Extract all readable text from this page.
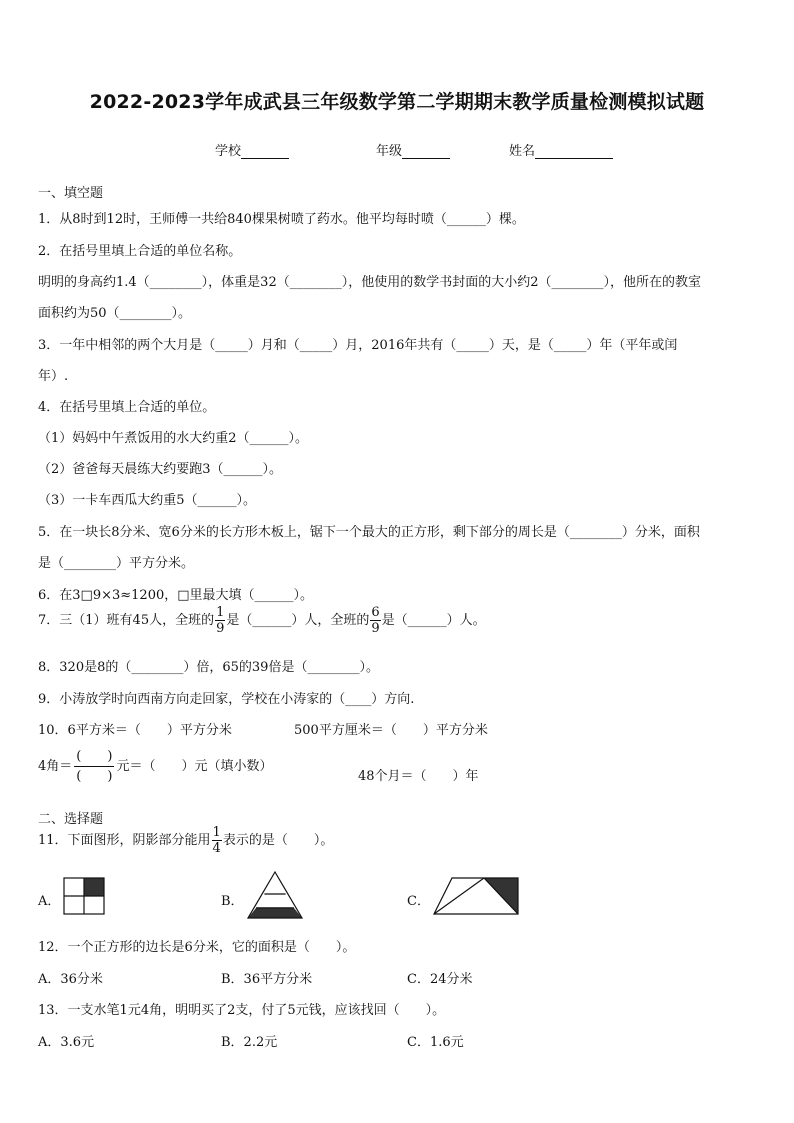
2022-2023学年成武县三年级数学第二学期期末教学质量检测模拟试题
学校	年级	姓名
一、填空题
1．从8时到12时，王师傅一共给840棵果树喷了药水。他平均每时喷（______）棵。
2．在括号里填上合适的单位名称。
明明的身高约1.4（________），体重是32（________），他使用的数学书封面的大小约2（________），他所在的教室
面积约为50（________）。
3．一年中相邻的两个大月是（_____）月和（_____）月，2016年共有（_____）天，是（_____）年（平年或闰
年）.
4．在括号里填上合适的单位。
（1）妈妈中午煮饭用的水大约重2（______）。
（2）爸爸每天晨练大约要跑3（______）。
（3）一卡车西瓜大约重5（______）。
5．在一块长8分米、宽6分米的长方形木板上，锯下一个最大的正方形，剩下部分的周长是（________）分米，面积
是（________）平方分米。
6．在3□9×3≈1200，□里最大填（______）。
7．三（1）班有45人，全班的 $\frac{1}{9}$ 是（______）人，全班的 $\frac{6}{9}$ 是（______）人。
8．320是8的（________）倍，65的39倍是（________）。
9．小涛放学时向西南方向走回家，学校在小涛家的（____）方向.
10．6平方米＝（　　）平方分米	500平方厘米＝（　　）平方分米
4角＝
(　　)
(　　)
元＝（　　）元（填小数）
48个月＝（　　）年
二、选择题
11．下面图形，阴影部分能用 $\frac{1}{4}$ 表示的是（　　）。
A．	B．	C．
12．一个正方形的边长是6分米，它的面积是（　　）。
A．36分米	B．36平方分米	C．24分米
13．一支水笔1元4角，明明买了2支，付了5元钱，应该找回（　　）。
A．3.6元	B．2.2元	C．1.6元
